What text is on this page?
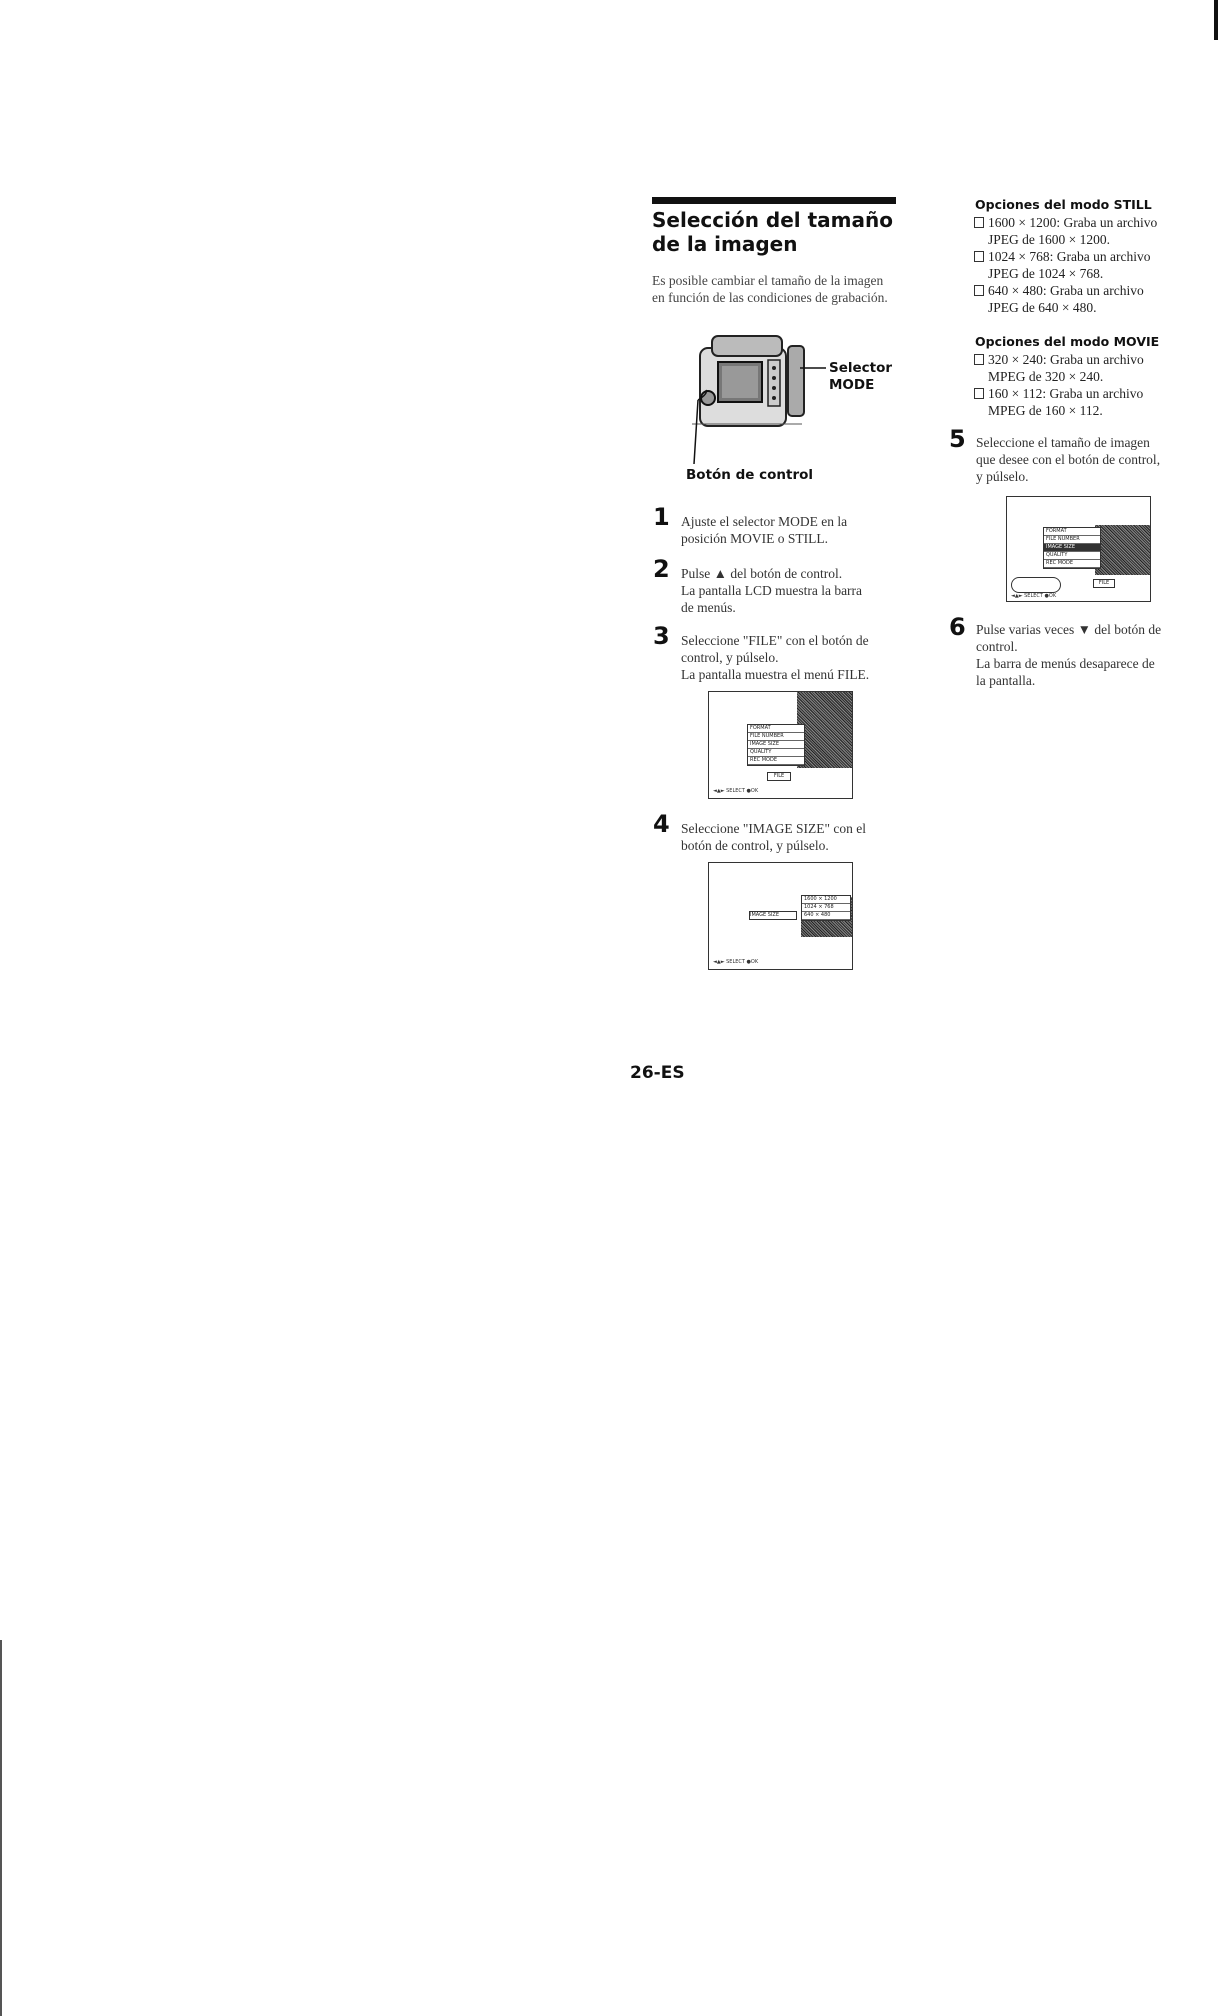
Selección del tamaño de la imagen
Es posible cambiar el tamaño de la imagen en función de las condiciones de grabación.
Selector
MODE
Botón de control
1 Ajuste el selector MODE en la
posición MOVIE o STILL.
2 Pulse ▲ del botón de control.
La pantalla LCD muestra la barra
de menús.
3 Seleccione "FILE" con el botón de
control, y púlselo.
La pantalla muestra el menú FILE.
FORMAT
FILE NUMBER
IMAGE SIZE
QUALITY
REC MODE
FILE
◄▲► SELECT ●OK
4 Seleccione "IMAGE SIZE" con el
botón de control, y púlselo.
IMAGE SIZE
1600 × 1200
1024 × 768
640 × 480
◄▲► SELECT ●OK
Opciones del modo STILL
1600 × 1200: Graba un archivo
JPEG de 1600 × 1200.
1024 × 768: Graba un archivo
JPEG de 1024 × 768.
640 × 480: Graba un archivo
JPEG de 640 × 480.
Opciones del modo MOVIE
320 × 240: Graba un archivo
MPEG de 320 × 240.
160 × 112: Graba un archivo
MPEG de 160 × 112.
5 Seleccione el tamaño de imagen
que desee con el botón de control,
y púlselo.
FORMAT
FILE NUMBER
IMAGE SIZE
QUALITY
REC MODE
FILE
◄▲► SELECT ●OK
6 Pulse varias veces ▼ del botón de
control.
La barra de menús desaparece de
la pantalla.
26-ES
